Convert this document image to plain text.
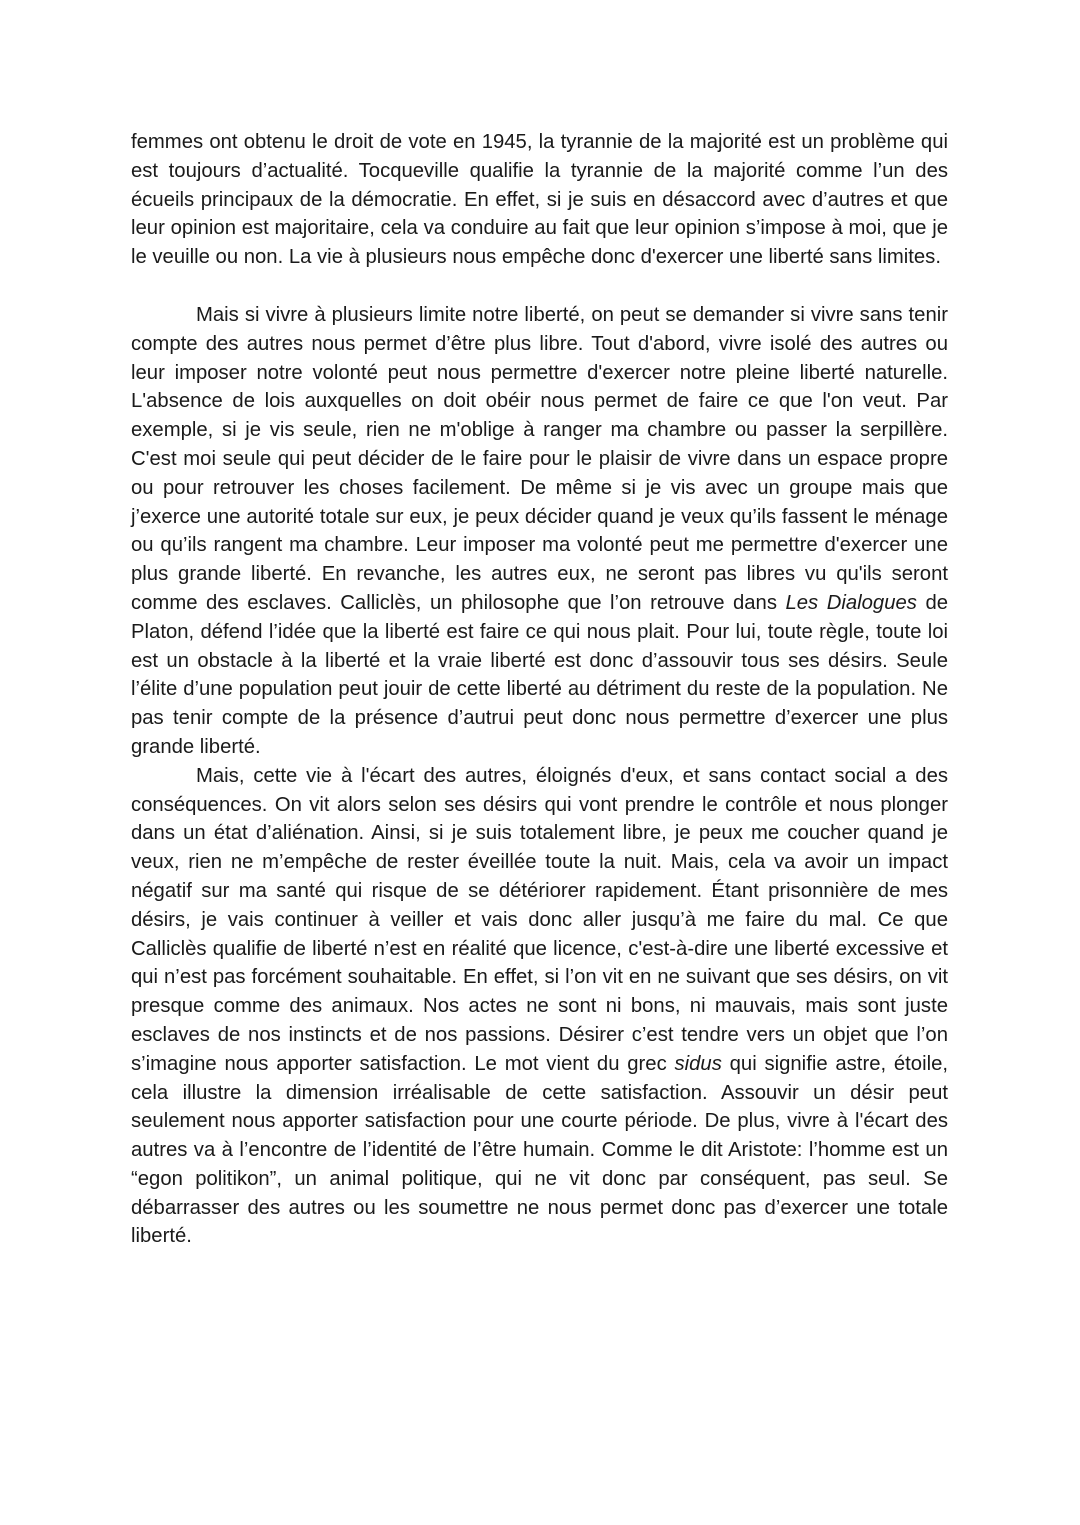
femmes ont obtenu le droit de vote en 1945, la tyrannie de la majorité est un problème qui est toujours d’actualité. Tocqueville qualifie la tyrannie de la majorité comme l’un des écueils principaux de la démocratie. En effet, si je suis en désaccord avec d’autres et que leur opinion est majoritaire, cela va conduire au fait que leur opinion s’impose à moi, que je le veuille ou non. La vie à plusieurs nous empêche donc d'exercer une liberté sans limites.

Mais si vivre à plusieurs limite notre liberté, on peut se demander si vivre sans tenir compte des autres nous permet d’être plus libre. Tout d'abord, vivre isolé des autres ou leur imposer notre volonté peut nous permettre d'exercer notre pleine liberté naturelle. L'absence de lois auxquelles on doit obéir nous permet de faire ce que l'on veut. Par exemple, si je vis seule, rien ne m'oblige à ranger ma chambre ou passer la serpillère. C'est moi seule qui peut décider de le faire pour le plaisir de vivre dans un espace propre ou pour retrouver les choses facilement. De même si je vis avec un groupe mais que j’exerce une autorité totale sur eux, je peux décider quand je veux qu’ils fassent le ménage ou qu’ils rangent ma chambre. Leur imposer ma volonté peut me permettre d'exercer une plus grande liberté. En revanche, les autres eux, ne seront pas libres vu qu'ils seront comme des esclaves. Calliclès, un philosophe que l’on retrouve dans Les Dialogues de Platon, défend l’idée que la liberté est faire ce qui nous plait. Pour lui, toute règle, toute loi est un obstacle à la liberté et la vraie liberté est donc d’assouvir tous ses désirs. Seule l’élite d’une population peut jouir de cette liberté au détriment du reste de la population. Ne pas tenir compte de la présence d’autrui peut donc nous permettre d’exercer une plus grande liberté.

Mais, cette vie à l'écart des autres, éloignés d'eux, et sans contact social a des conséquences. On vit alors selon ses désirs qui vont prendre le contrôle et nous plonger dans un état d’aliénation. Ainsi, si je suis totalement libre, je peux me coucher quand je veux, rien ne m’empêche de rester éveillée toute la nuit. Mais, cela va avoir un impact négatif sur ma santé qui risque de se détériorer rapidement. Étant prisonnière de mes désirs, je vais continuer à veiller et vais donc aller jusqu’à me faire du mal. Ce que Calliclès qualifie de liberté n’est en réalité que licence, c'est-à-dire une liberté excessive et qui n’est pas forcément souhaitable. En effet, si l’on vit en ne suivant que ses désirs, on vit presque comme des animaux. Nos actes ne sont ni bons, ni mauvais, mais sont juste esclaves de nos instincts et de nos passions. Désirer c’est tendre vers un objet que l’on s’imagine nous apporter satisfaction. Le mot vient du grec sidus qui signifie astre, étoile, cela illustre la dimension irréalisable de cette satisfaction. Assouvir un désir peut seulement nous apporter satisfaction pour une courte période. De plus, vivre à l'écart des autres va à l’encontre de l’identité de l’être humain. Comme le dit Aristote: l’homme est un “egon politikon”, un animal politique, qui ne vit donc par conséquent, pas seul. Se débarrasser des autres ou les soumettre ne nous permet donc pas d’exercer une totale liberté.
